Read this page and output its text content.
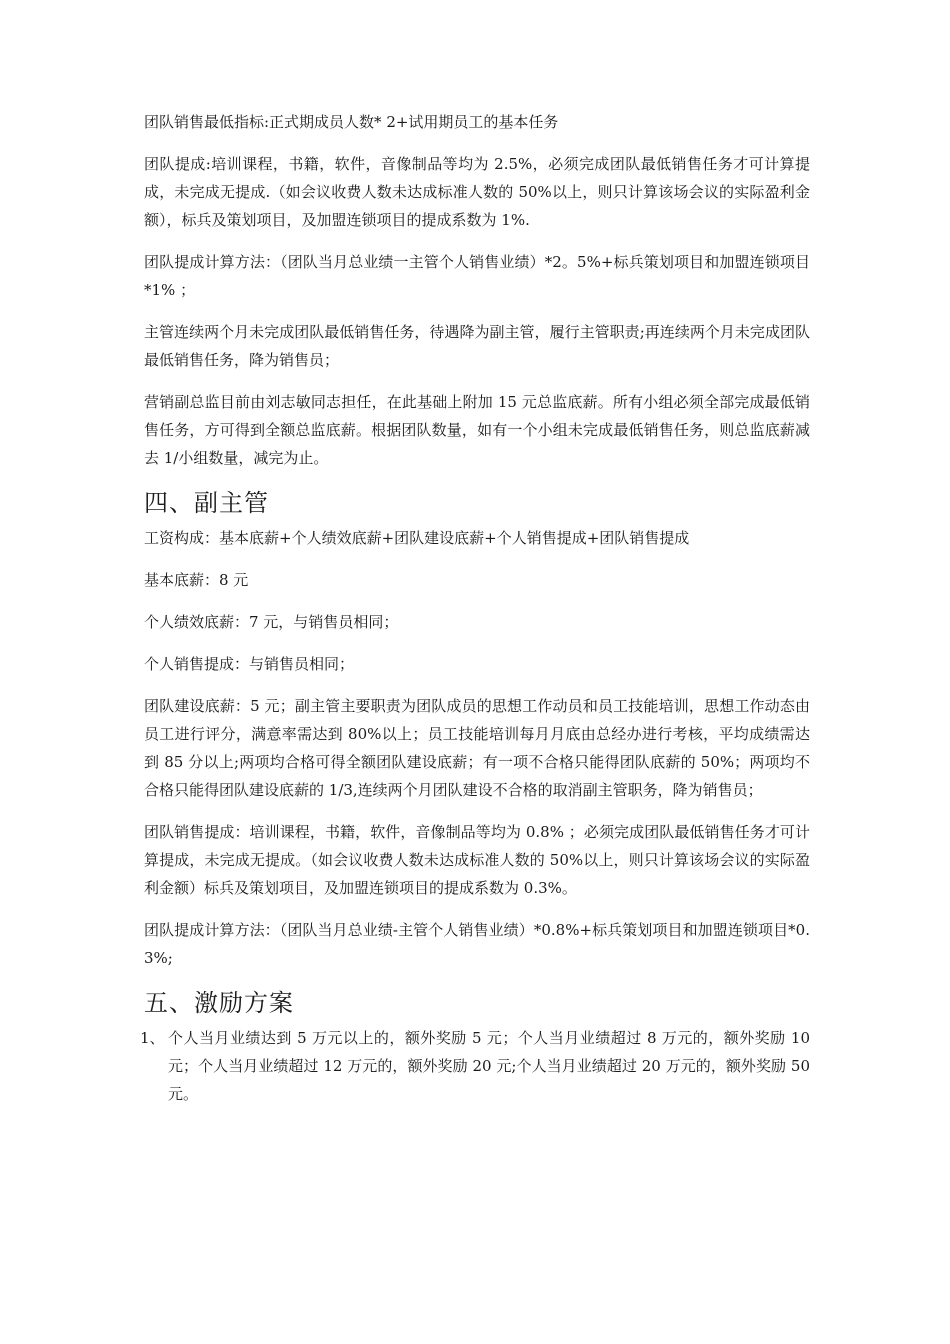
团队销售最低指标:正式期成员人数* 2+试用期员工的基本任务

团队提成:培训课程，书籍，软件，音像制品等均为 2.5%，必须完成团队最低销售任务才可计算提成，未完成无提成.（如会议收费人数未达成标准人数的 50%以上，则只计算该场会议的实际盈利金额），标兵及策划项目，及加盟连锁项目的提成系数为 1%.

团队提成计算方法：（团队当月总业绩一主管个人销售业绩）*2。5%+标兵策划项目和加盟连锁项目*1% ；

主管连续两个月未完成团队最低销售任务，待遇降为副主管，履行主管职责;再连续两个月未完成团队最低销售任务，降为销售员；

营销副总监目前由刘志敏同志担任，在此基础上附加 15 元总监底薪。所有小组必须全部完成最低销售任务，方可得到全额总监底薪。根据团队数量，如有一个小组未完成最低销售任务，则总监底薪减去 1/小组数量，减完为止。

四、副主管

工资构成：基本底薪+个人绩效底薪+团队建设底薪+个人销售提成+团队销售提成

基本底薪：8 元

个人绩效底薪：7 元，与销售员相同；

个人销售提成：与销售员相同；

团队建设底薪：5 元；副主管主要职责为团队成员的思想工作动员和员工技能培训，思想工作动态由员工进行评分，满意率需达到 80%以上；员工技能培训每月月底由总经办进行考核，平均成绩需达到 85 分以上;两项均合格可得全额团队建设底薪；有一项不合格只能得团队底薪的 50%；两项均不合格只能得团队建设底薪的 1/3,连续两个月团队建设不合格的取消副主管职务，降为销售员；

团队销售提成：培训课程，书籍，软件，音像制品等均为 0.8% ；必须完成团队最低销售任务才可计算提成，未完成无提成。（如会议收费人数未达成标准人数的 50%以上，则只计算该场会议的实际盈利金额）标兵及策划项目，及加盟连锁项目的提成系数为 0.3%。

团队提成计算方法：（团队当月总业绩-主管个人销售业绩）*0.8%+标兵策划项目和加盟连锁项目*0.3%;

五、激励方案
1、 个人当月业绩达到 5 万元以上的，额外奖励 5 元；个人当月业绩超过 8 万元的，额外奖励 10 元；个人当月业绩超过 12 万元的，额外奖励 20 元;个人当月业绩超过 20 万元的，额外奖励 50 元。
